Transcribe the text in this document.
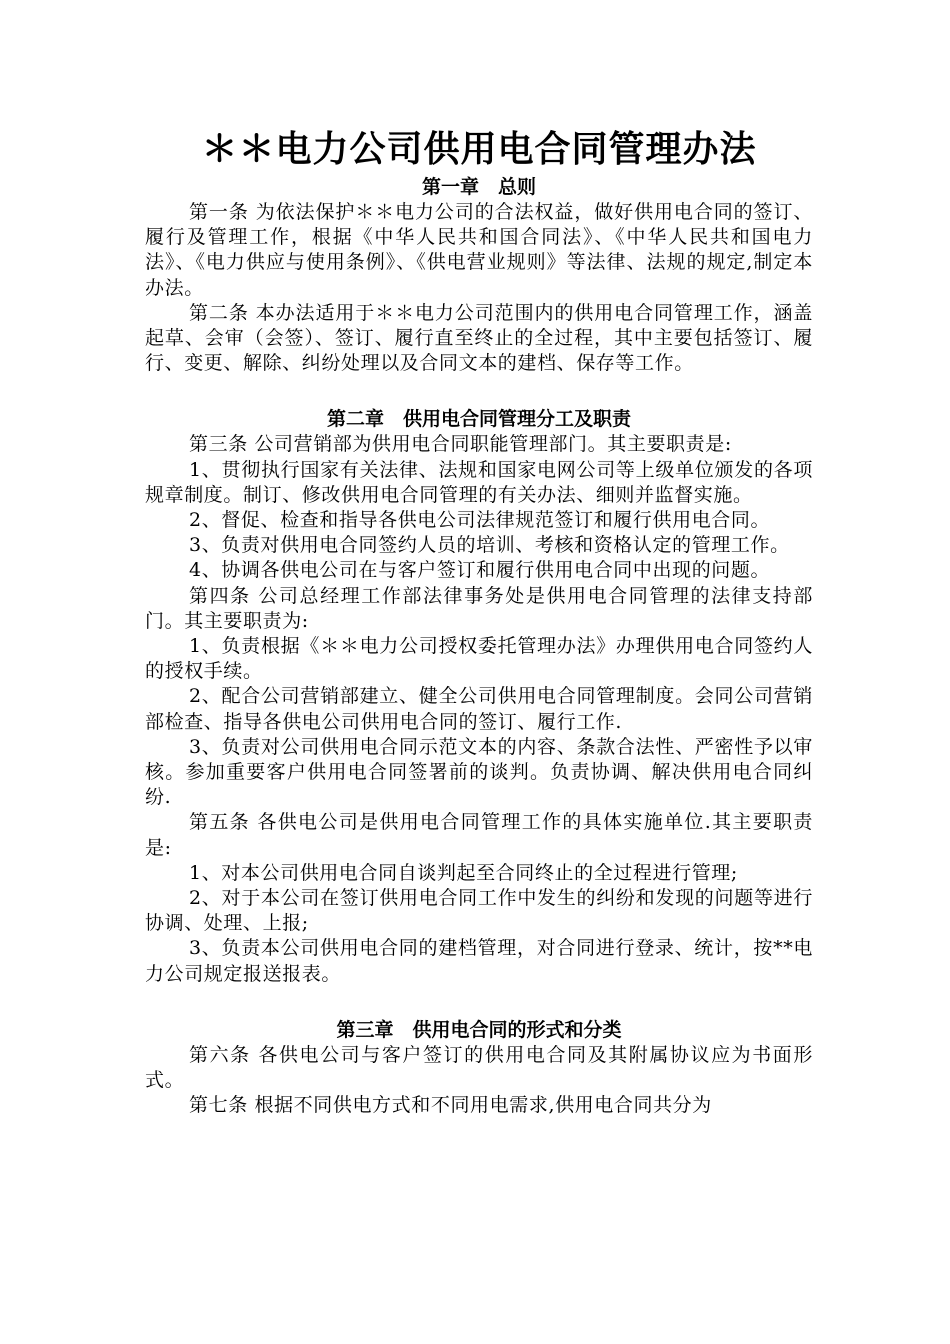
＊＊电力公司供用电合同管理办法
第一章　总则

第一条 为依法保护＊＊电力公司的合法权益，做好供用电合同的签订、履行及管理工作，根据《中华人民共和国合同法》、《中华人民共和国电力法》、《电力供应与使用条例》、《供电营业规则》等法律、法规的规定,制定本办法。

第二条 本办法适用于＊＊电力公司范围内的供用电合同管理工作，涵盖起草、会审（会签）、签订、履行直至终止的全过程，其中主要包括签订、履行、变更、解除、纠纷处理以及合同文本的建档、保存等工作。

第二章　供用电合同管理分工及职责

第三条 公司营销部为供用电合同职能管理部门。其主要职责是:

1、贯彻执行国家有关法律、法规和国家电网公司等上级单位颁发的各项规章制度。制订、修改供用电合同管理的有关办法、细则并监督实施。

2、督促、检查和指导各供电公司法律规范签订和履行供用电合同。

3、负责对供用电合同签约人员的培训、考核和资格认定的管理工作。

4、协调各供电公司在与客户签订和履行供用电合同中出现的问题。

第四条 公司总经理工作部法律事务处是供用电合同管理的法律支持部门。其主要职责为:

1、负责根据《＊＊电力公司授权委托管理办法》办理供用电合同签约人的授权手续。

2、配合公司营销部建立、健全公司供用电合同管理制度。会同公司营销部检查、指导各供电公司供用电合同的签订、履行工作.

3、负责对公司供用电合同示范文本的内容、条款合法性、严密性予以审核。参加重要客户供用电合同签署前的谈判。负责协调、解决供用电合同纠纷.

第五条 各供电公司是供用电合同管理工作的具体实施单位.其主要职责是:

1、对本公司供用电合同自谈判起至合同终止的全过程进行管理;

2、对于本公司在签订供用电合同工作中发生的纠纷和发现的问题等进行协调、处理、上报;

3、负责本公司供用电合同的建档管理，对合同进行登录、统计，按**电力公司规定报送报表。

第三章　供用电合同的形式和分类

第六条 各供电公司与客户签订的供用电合同及其附属协议应为书面形式。

第七条 根据不同供电方式和不同用电需求,供用电合同共分为
